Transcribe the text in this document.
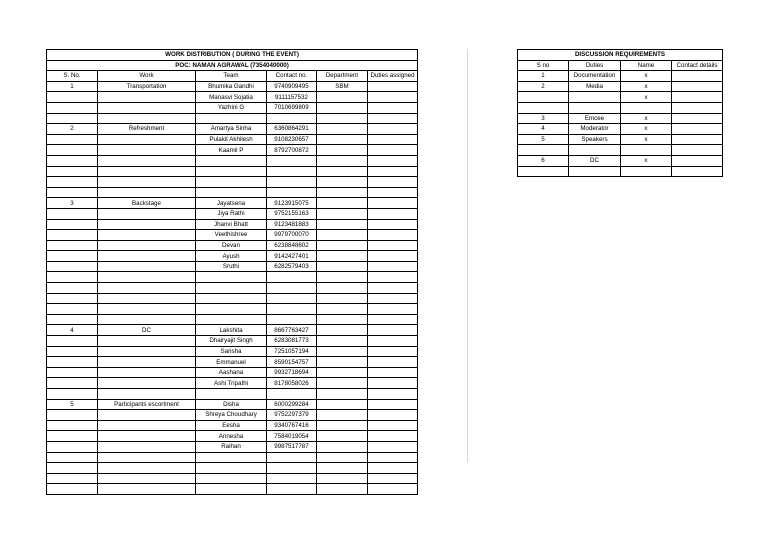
WORK DISTRIBUTION ( DURING THE EVENT)					
POC: NAMAN AGRAWAL (7354040000)					
S. No.	Work	Team	Contact no.	Department	Duties assigned
1	Transportation	Bhumika Gandhi	9740909495	SBM	
		Manasvi Sojatia	9111157532		
		Yazhini G	7010699809		

2	Refreshment	Amartya Sinha	6360864291		
		Pulakit Akhilesh	9108230657		
		Kaamil P	8792700872		

3	Backstage	Jayatsena	9123915075		
		Jiya Rathi	9752155163		
		Jhanvi Bhatt	9123481883		
		Veethishree	9979700070		
		Devan	6238848602		
		Ayush	9142427401		
		Sruthi	6282579403		

4	DC	Lakshita	8667763427		
		Dhairyajit Singh	6283081773		
		Sarisha	7251057194		
		Emmanuel	8590154757		
		Aashana	9932718694		
		Ashi Tripathi	8178058026		

5	Participants escortment	Disha	6000299284		
		Shreya Choudhary	9752297379		
		Eesha	9340767416		
		Annesha	7584019054		
		Raihan	9987517787		

DISCUSSION REQUIREMENTS			
S no	Duties	Name	Contact details
1	Documentation	x	
2	Media	x	
		x	

3	Emcee	x	
4	Moderator	x	
5	Speakers	x	

6	DC	x	
